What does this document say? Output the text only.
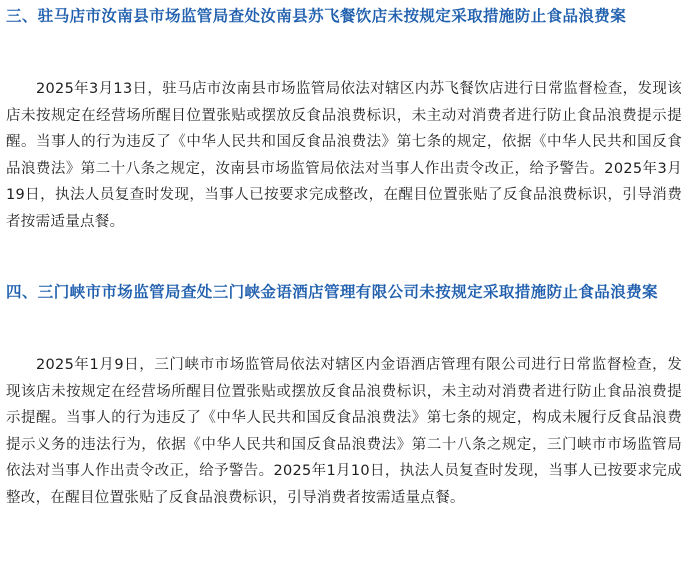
三、驻马店市汝南县市场监管局查处汝南县苏飞餐饮店未按规定采取措施防止食品浪费案

2025年3月13日，驻马店市汝南县市场监管局依法对辖区内苏飞餐饮店进行日常监督检查，发现该店未按规定在经营场所醒目位置张贴或摆放反食品浪费标识，未主动对消费者进行防止食品浪费提示提醒。当事人的行为违反了《中华人民共和国反食品浪费法》第七条的规定，依据《中华人民共和国反食品浪费法》第二十八条之规定，汝南县市场监管局依法对当事人作出责令改正，给予警告。2025年3月19日，执法人员复查时发现，当事人已按要求完成整改，在醒目位置张贴了反食品浪费标识，引导消费者按需适量点餐。

四、三门峡市市场监管局查处三门峡金语酒店管理有限公司未按规定采取措施防止食品浪费案

2025年1月9日，三门峡市市场监管局依法对辖区内金语酒店管理有限公司进行日常监督检查，发现该店未按规定在经营场所醒目位置张贴或摆放反食品浪费标识，未主动对消费者进行防止食品浪费提示提醒。当事人的行为违反了《中华人民共和国反食品浪费法》第七条的规定，构成未履行反食品浪费提示义务的违法行为，依据《中华人民共和国反食品浪费法》第二十八条之规定，三门峡市市场监管局依法对当事人作出责令改正，给予警告。2025年1月10日，执法人员复查时发现，当事人已按要求完成整改，在醒目位置张贴了反食品浪费标识，引导消费者按需适量点餐。
